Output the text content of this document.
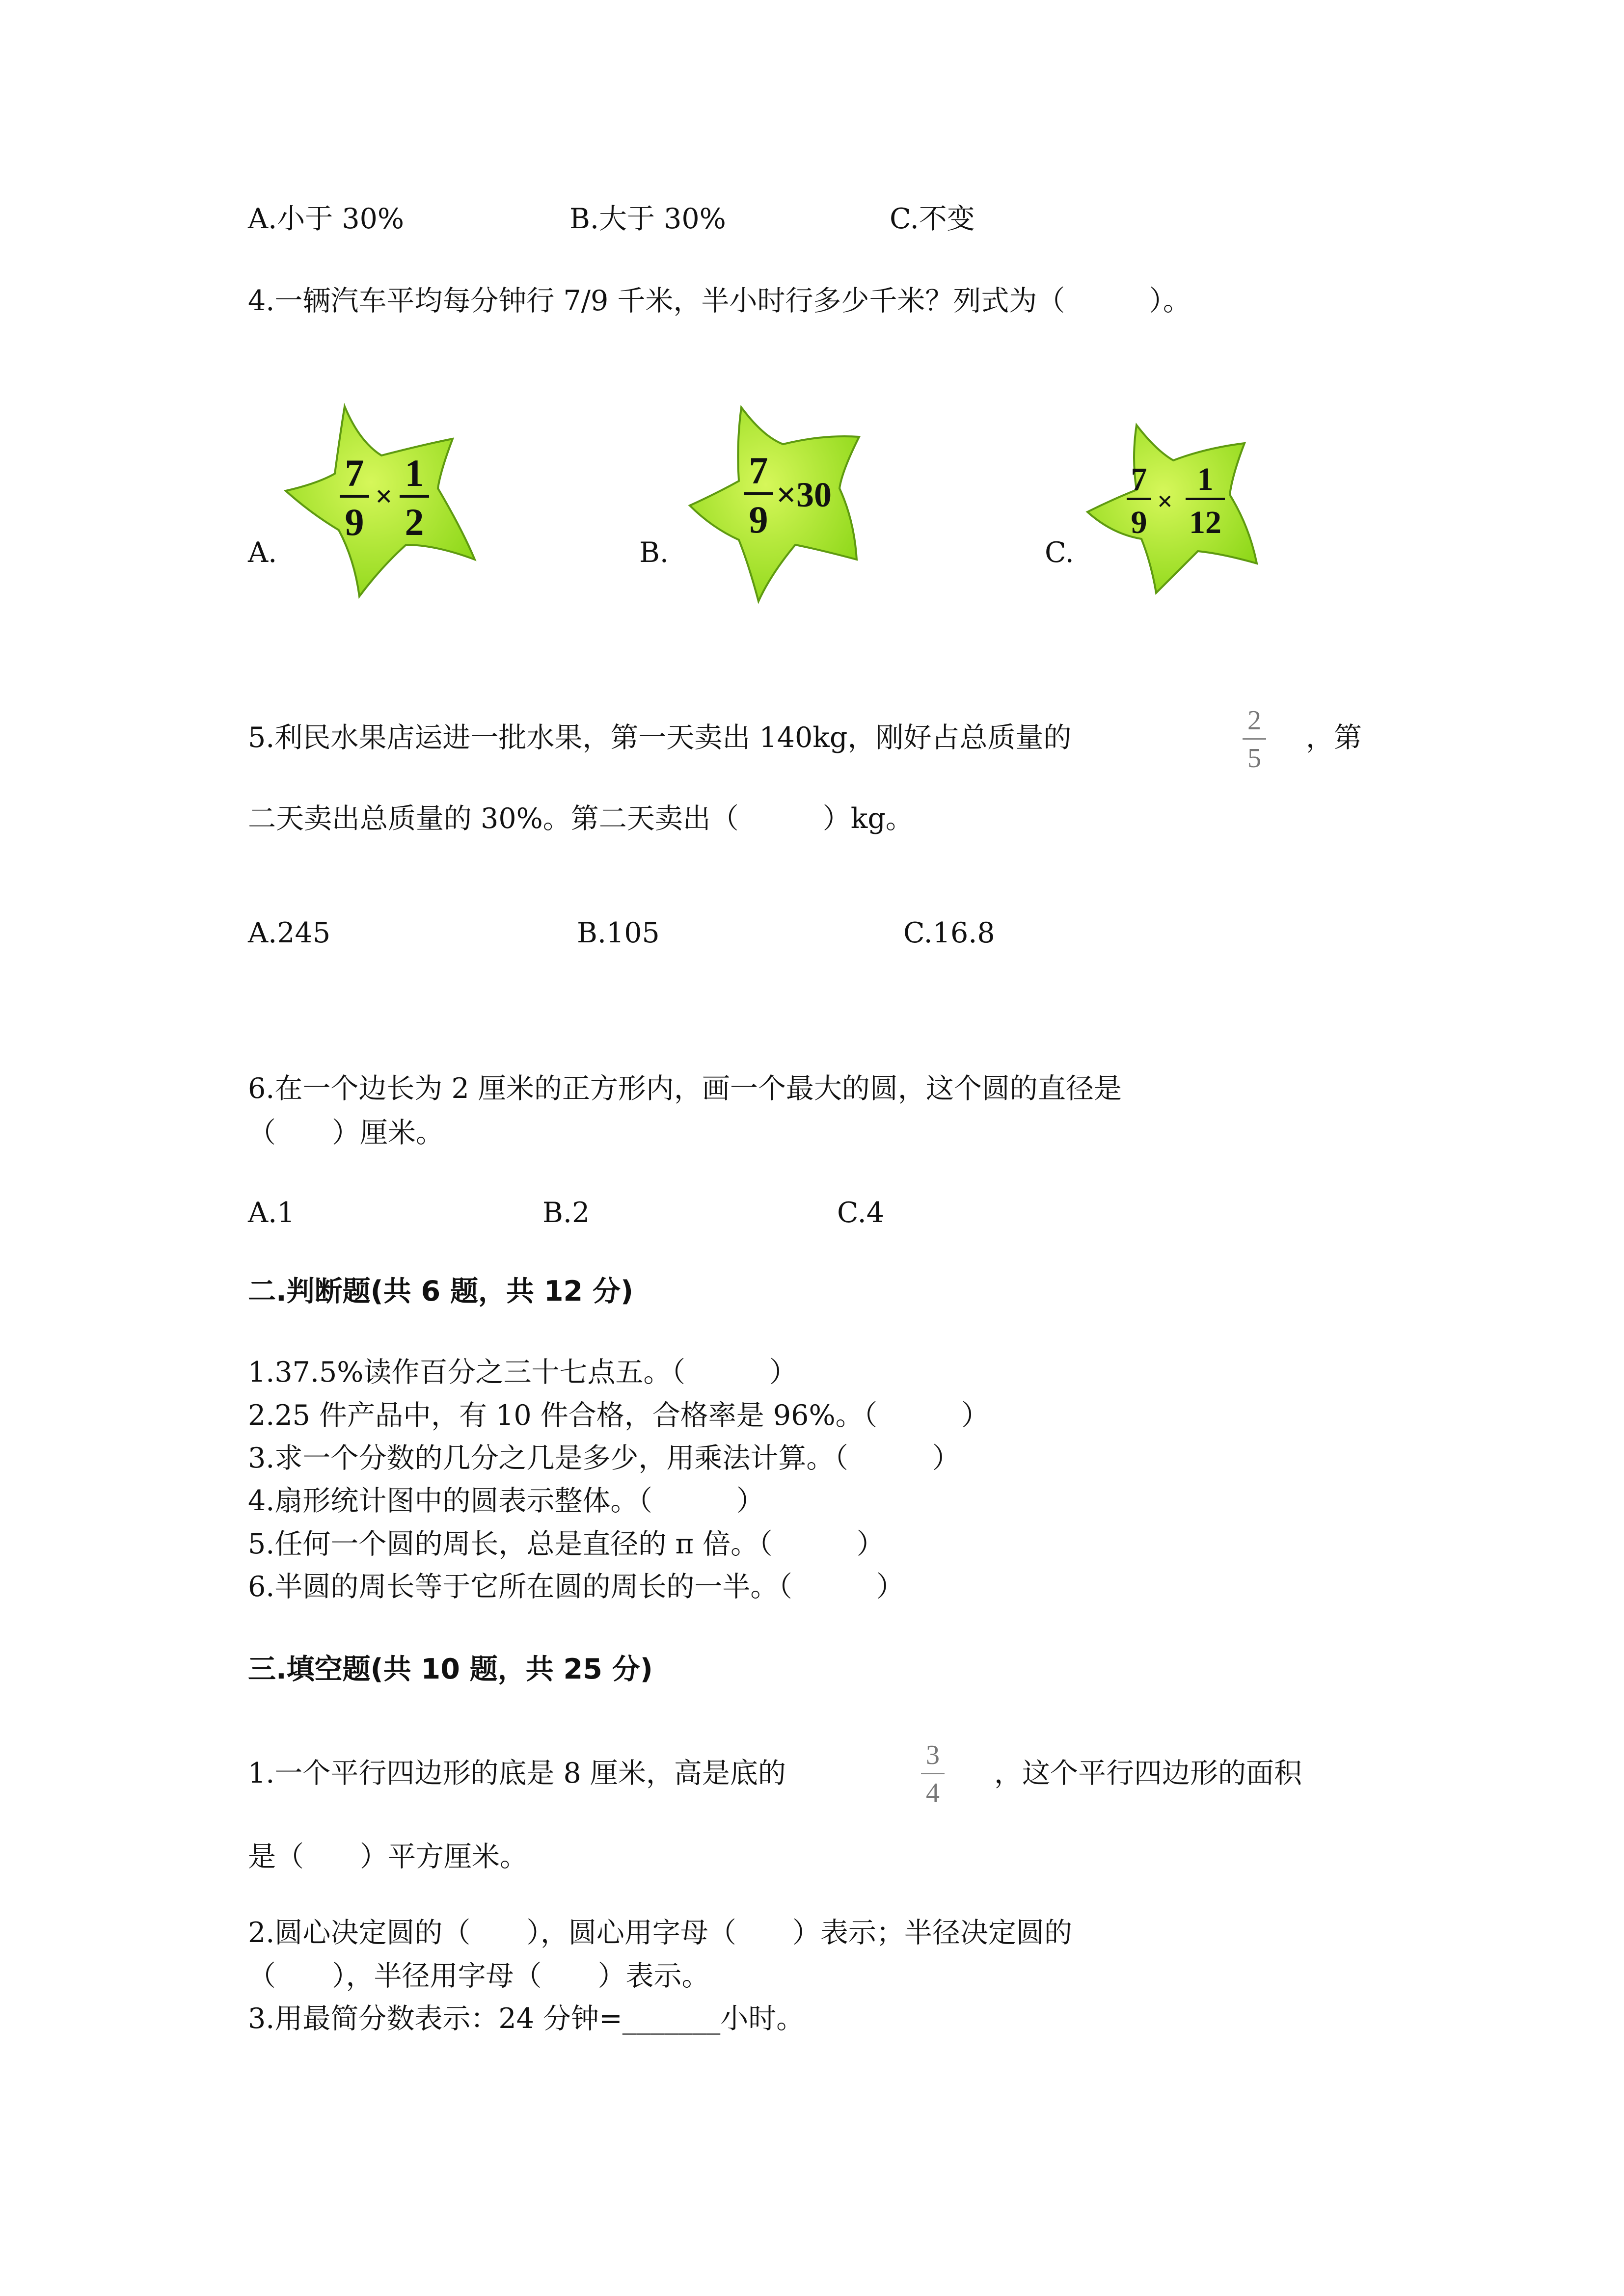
A.小于 30%	B.大于 30%	C.不变
4.一辆汽车平均每分钟行 7/9 千米，半小时行多少千米？列式为（　　　）。
A.
7
9
×
1
2
B.
7
9
×30
C.
7
9
×
1
12
5.利民水果店运进一批水果，第一天卖出 140kg，刚好占总质量的
2
5
，第
二天卖出总质量的 30%。第二天卖出（　　　）kg。
A.245	B.105	C.16.8
6.在一个边长为 2 厘米的正方形内，画一个最大的圆，这个圆的直径是
（　　）厘米。
A.1	B.2	C.4
二.判断题(共 6 题，共 12 分)
1.37.5%读作百分之三十七点五。（　　　）
2.25 件产品中，有 10 件合格，合格率是 96%。（　　　）
3.求一个分数的几分之几是多少，用乘法计算。（　　　）
4.扇形统计图中的圆表示整体。（　　　）
5.任何一个圆的周长，总是直径的 π 倍。（　　　）
6.半圆的周长等于它所在圆的周长的一半。（　　　）
三.填空题(共 10 题，共 25 分)
1.一个平行四边形的底是 8 厘米，高是底的
3
4
，这个平行四边形的面积
是（　　）平方厘米。
2.圆心决定圆的（　　），圆心用字母（　　）表示；半径决定圆的
（　　），半径用字母（　　）表示。
3.用最简分数表示：24 分钟=_______小时。
